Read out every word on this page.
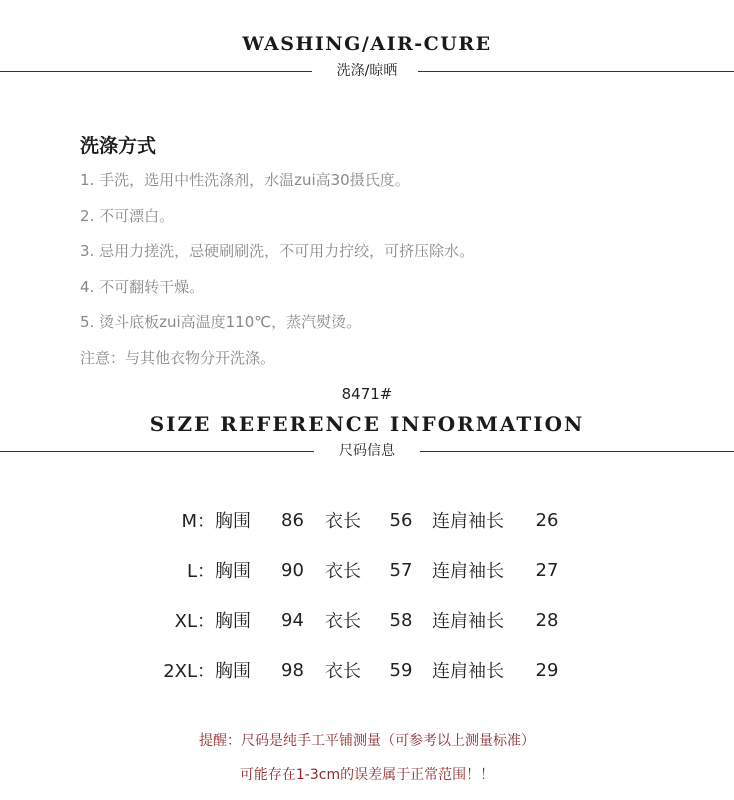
WASHING/AIR-CURE
洗涤/晾晒
洗涤方式
1. 手洗，选用中性洗涤剂，水温zui高30摄氏度。
2. 不可漂白。
3. 忌用力搓洗，忌硬刷刷洗，不可用力拧绞，可挤压除水。
4. 不可翻转干燥。
5. 烫斗底板zui高温度110℃，蒸汽熨烫。
注意：与其他衣物分开洗涤。

8471#

SIZE REFERENCE INFORMATION
尺码信息
M：	胸围	86	衣长	56	连肩袖长	26
L：	胸围	90	衣长	57	连肩袖长	27
XL：	胸围	94	衣长	58	连肩袖长	28
2XL：	胸围	98	衣长	59	连肩袖长	29

提醒：尺码是纯手工平铺测量（可参考以上测量标准）

可能存在1-3cm的误差属于正常范围！！
